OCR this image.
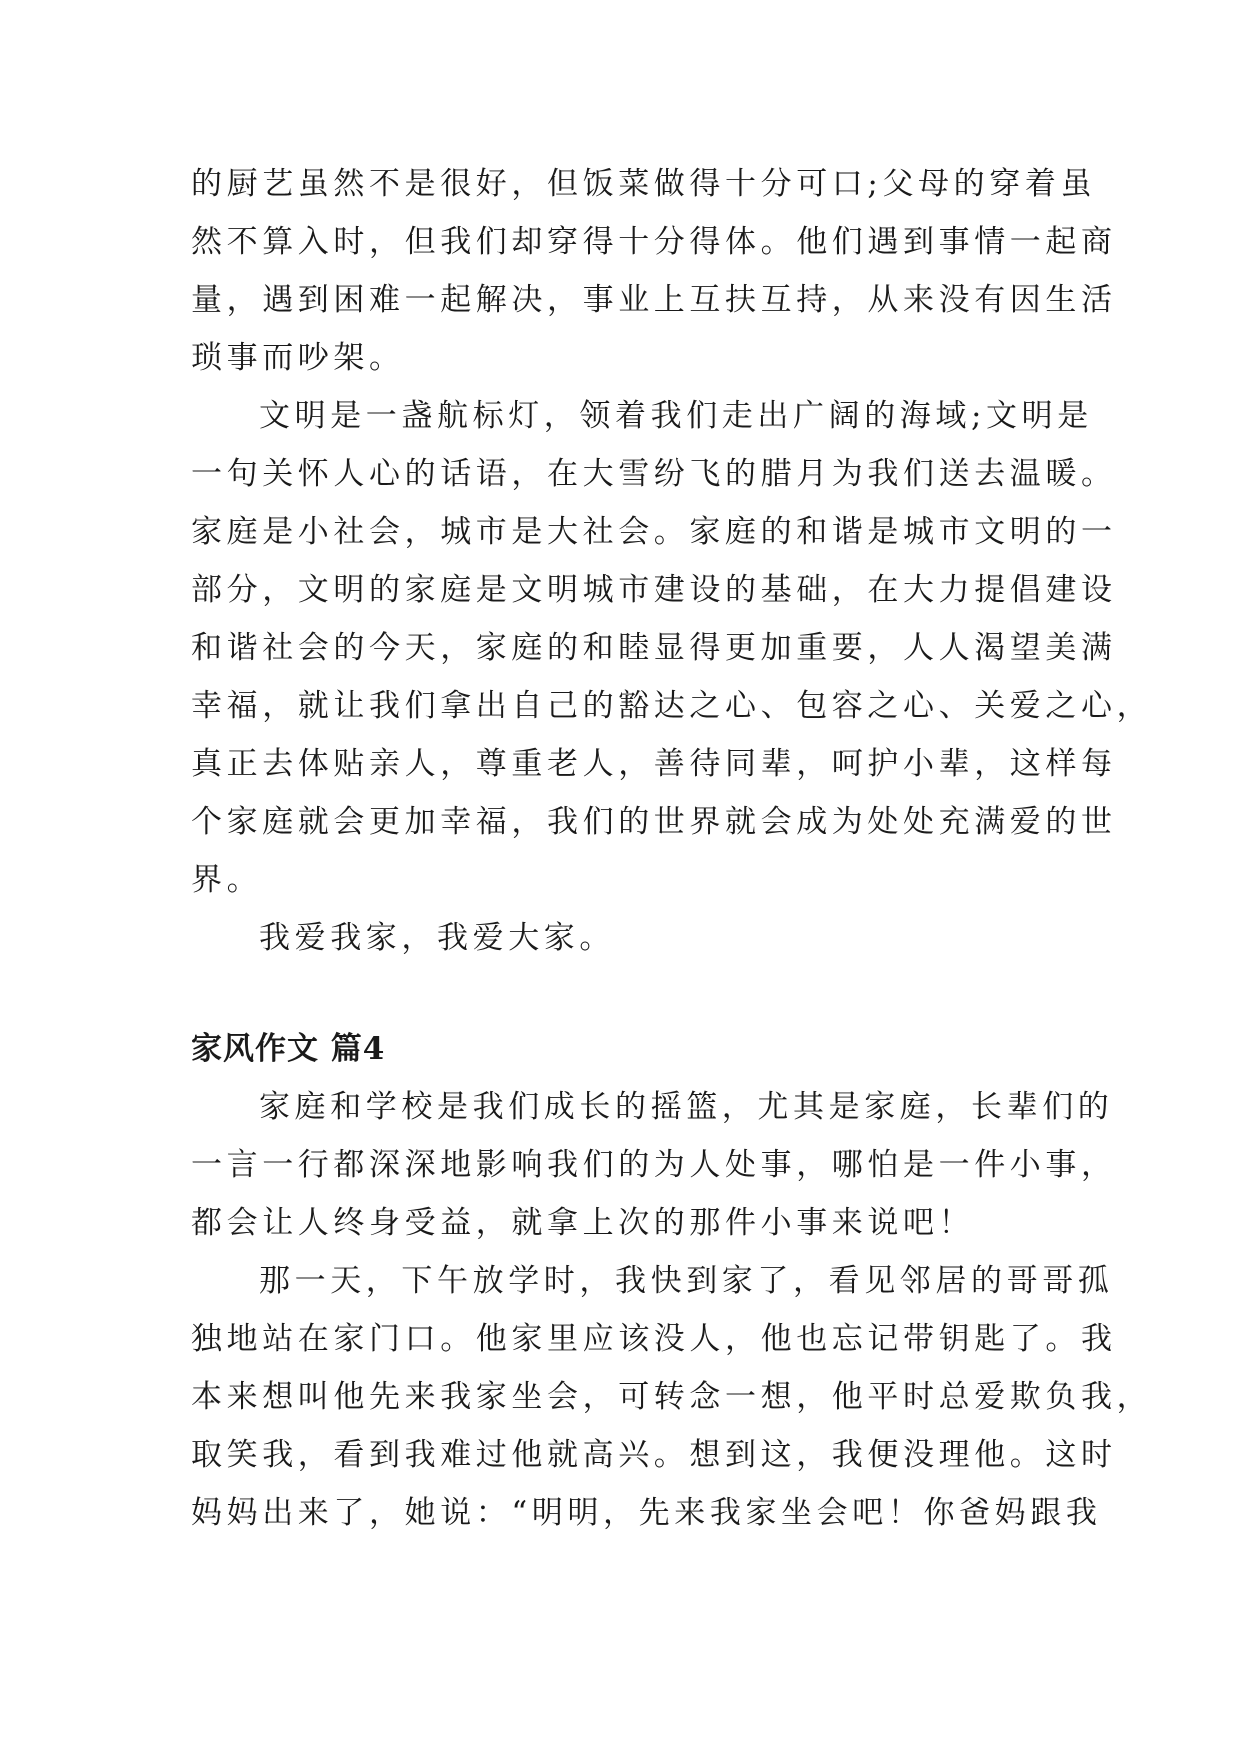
的厨艺虽然不是很好，但饭菜做得十分可口;父母的穿着虽
然不算入时，但我们却穿得十分得体。他们遇到事情一起商
量，遇到困难一起解决，事业上互扶互持，从来没有因生活
琐事而吵架。

文明是一盏航标灯，领着我们走出广阔的海域;文明是
一句关怀人心的话语，在大雪纷飞的腊月为我们送去温暖。
家庭是小社会，城市是大社会。家庭的和谐是城市文明的一
部分，文明的家庭是文明城市建设的基础，在大力提倡建设
和谐社会的今天，家庭的和睦显得更加重要，人人渴望美满
幸福，就让我们拿出自己的豁达之心、包容之心、关爱之心，
真正去体贴亲人，尊重老人，善待同辈，呵护小辈，这样每
个家庭就会更加幸福，我们的世界就会成为处处充满爱的世
界。

我爱我家，我爱大家。

家风作文 篇4

家庭和学校是我们成长的摇篮，尤其是家庭，长辈们的
一言一行都深深地影响我们的为人处事，哪怕是一件小事，
都会让人终身受益，就拿上次的那件小事来说吧！

那一天，下午放学时，我快到家了，看见邻居的哥哥孤
独地站在家门口。他家里应该没人，他也忘记带钥匙了。我
本来想叫他先来我家坐会，可转念一想，他平时总爱欺负我，
取笑我，看到我难过他就高兴。想到这，我便没理他。这时
妈妈出来了，她说：“明明，先来我家坐会吧！你爸妈跟我
